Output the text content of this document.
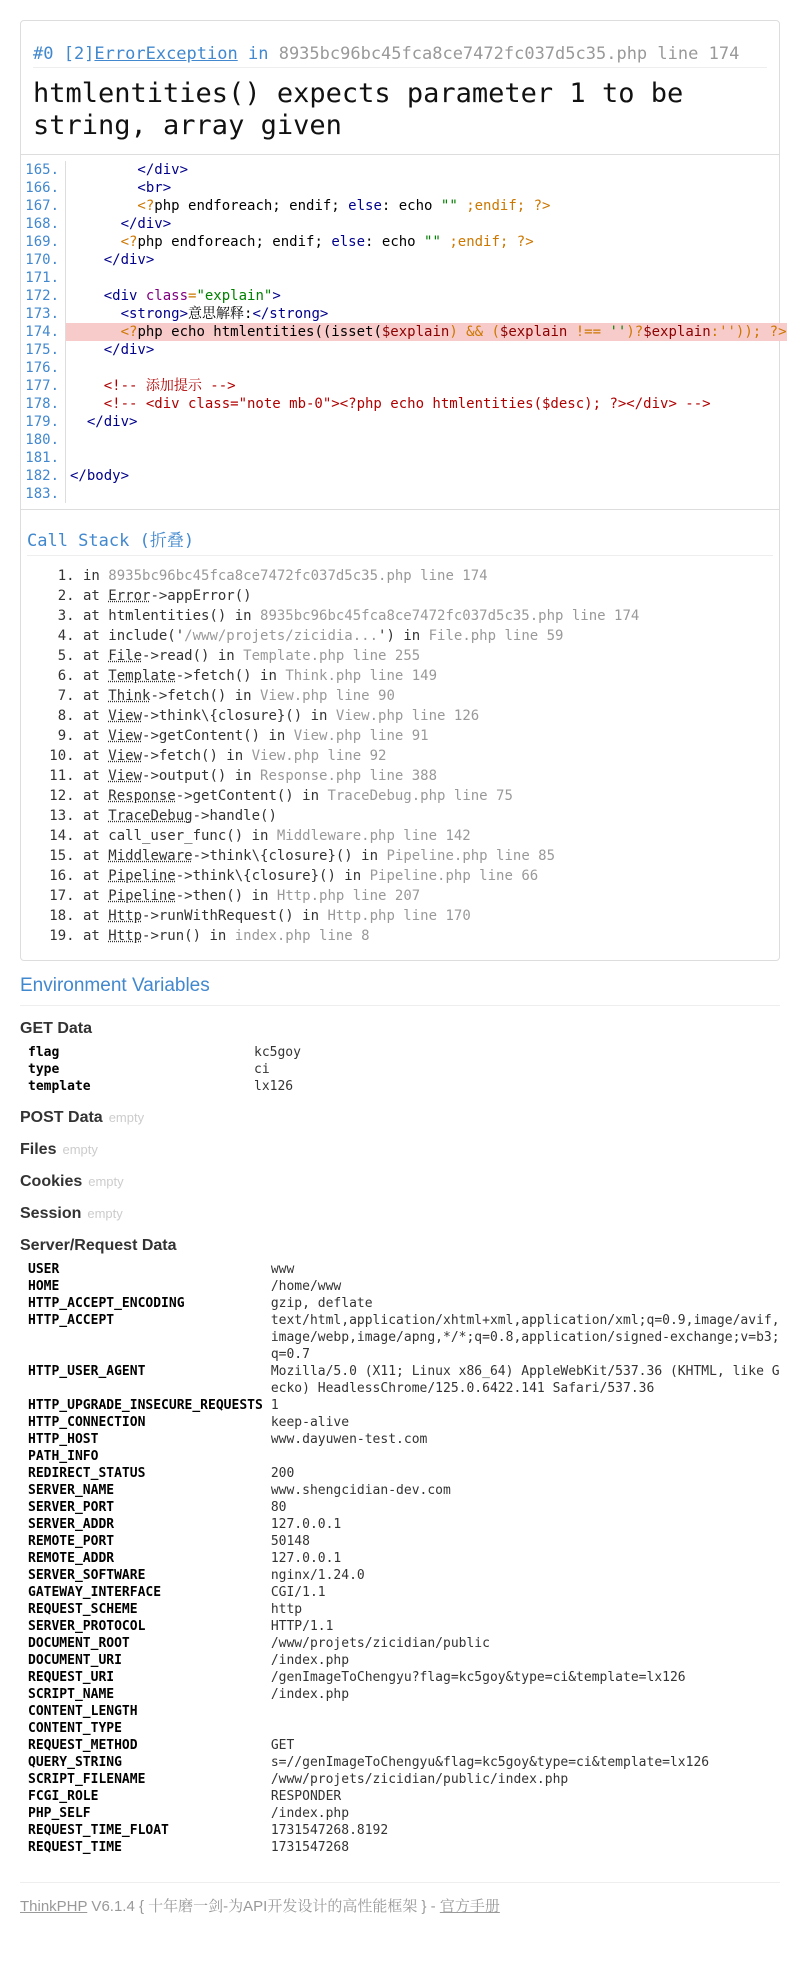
#0 [2]ErrorException in 8935bc96bc45fca8ce7472fc037d5c35.php line 174
htmlentities() expects parameter 1 to be string, array given
165. </div>
166. <br>
167. <?php endforeach; endif; else: echo "" ;endif; ?>
168. </div>
169. <?php endforeach; endif; else: echo "" ;endif; ?>
170. </div>
171.
172. <div class="explain">
173. <strong>意思解释:</strong>
174. <?php echo htmlentities((isset($explain) && ($explain !== '')?$explain:'')); ?>
175. </div>
176.
177. <!-- 添加提示 -->
178. <!-- <div class="note mb-0"><?php echo htmlentities($desc); ?></div> -->
179. </div>
180.
181.
182. </body>
183.
Call Stack (折叠)
1. in 8935bc96bc45fca8ce7472fc037d5c35.php line 174
2. at Error->appError()
3. at htmlentities() in 8935bc96bc45fca8ce7472fc037d5c35.php line 174
4. at include('/www/projets/zicidia...') in File.php line 59
5. at File->read() in Template.php line 255
6. at Template->fetch() in Think.php line 149
7. at Think->fetch() in View.php line 90
8. at View->think\{closure}() in View.php line 126
9. at View->getContent() in View.php line 91
10. at View->fetch() in View.php line 92
11. at View->output() in Response.php line 388
12. at Response->getContent() in TraceDebug.php line 75
13. at TraceDebug->handle()
14. at call_user_func() in Middleware.php line 142
15. at Middleware->think\{closure}() in Pipeline.php line 85
16. at Pipeline->think\{closure}() in Pipeline.php line 66
17. at Pipeline->then() in Http.php line 207
18. at Http->runWithRequest() in Http.php line 170
19. at Http->run() in index.php line 8
Environment Variables
GET Data
flag	kc5goy
type	ci
template	lx126
POST Data empty
Files empty
Cookies empty
Session empty
Server/Request Data
USER	www
HOME	/home/www
HTTP_ACCEPT_ENCODING	gzip, deflate
HTTP_ACCEPT	text/html,application/xhtml+xml,application/xml;q=0.9,image/avif,image/webp,image/apng,*/*;q=0.8,application/signed-exchange;v=b3;q=0.7
HTTP_USER_AGENT	Mozilla/5.0 (X11; Linux x86_64) AppleWebKit/537.36 (KHTML, like Gecko) HeadlessChrome/125.0.6422.141 Safari/537.36
HTTP_UPGRADE_INSECURE_REQUESTS	1
HTTP_CONNECTION	keep-alive
HTTP_HOST	www.dayuwen-test.com
PATH_INFO	
REDIRECT_STATUS	200
SERVER_NAME	www.shengcidian-dev.com
SERVER_PORT	80
SERVER_ADDR	127.0.0.1
REMOTE_PORT	50148
REMOTE_ADDR	127.0.0.1
SERVER_SOFTWARE	nginx/1.24.0
GATEWAY_INTERFACE	CGI/1.1
REQUEST_SCHEME	http
SERVER_PROTOCOL	HTTP/1.1
DOCUMENT_ROOT	/www/projets/zicidian/public
DOCUMENT_URI	/index.php
REQUEST_URI	/genImageToChengyu?flag=kc5goy&type=ci&template=lx126
SCRIPT_NAME	/index.php
CONTENT_LENGTH	
CONTENT_TYPE	
REQUEST_METHOD	GET
QUERY_STRING	s=//genImageToChengyu&flag=kc5goy&type=ci&template=lx126
SCRIPT_FILENAME	/www/projets/zicidian/public/index.php
FCGI_ROLE	RESPONDER
PHP_SELF	/index.php
REQUEST_TIME_FLOAT	1731547268.8192
REQUEST_TIME	1731547268
ThinkPHP V6.1.4 { 十年磨一剑-为API开发设计的高性能框架 } - 官方手册
